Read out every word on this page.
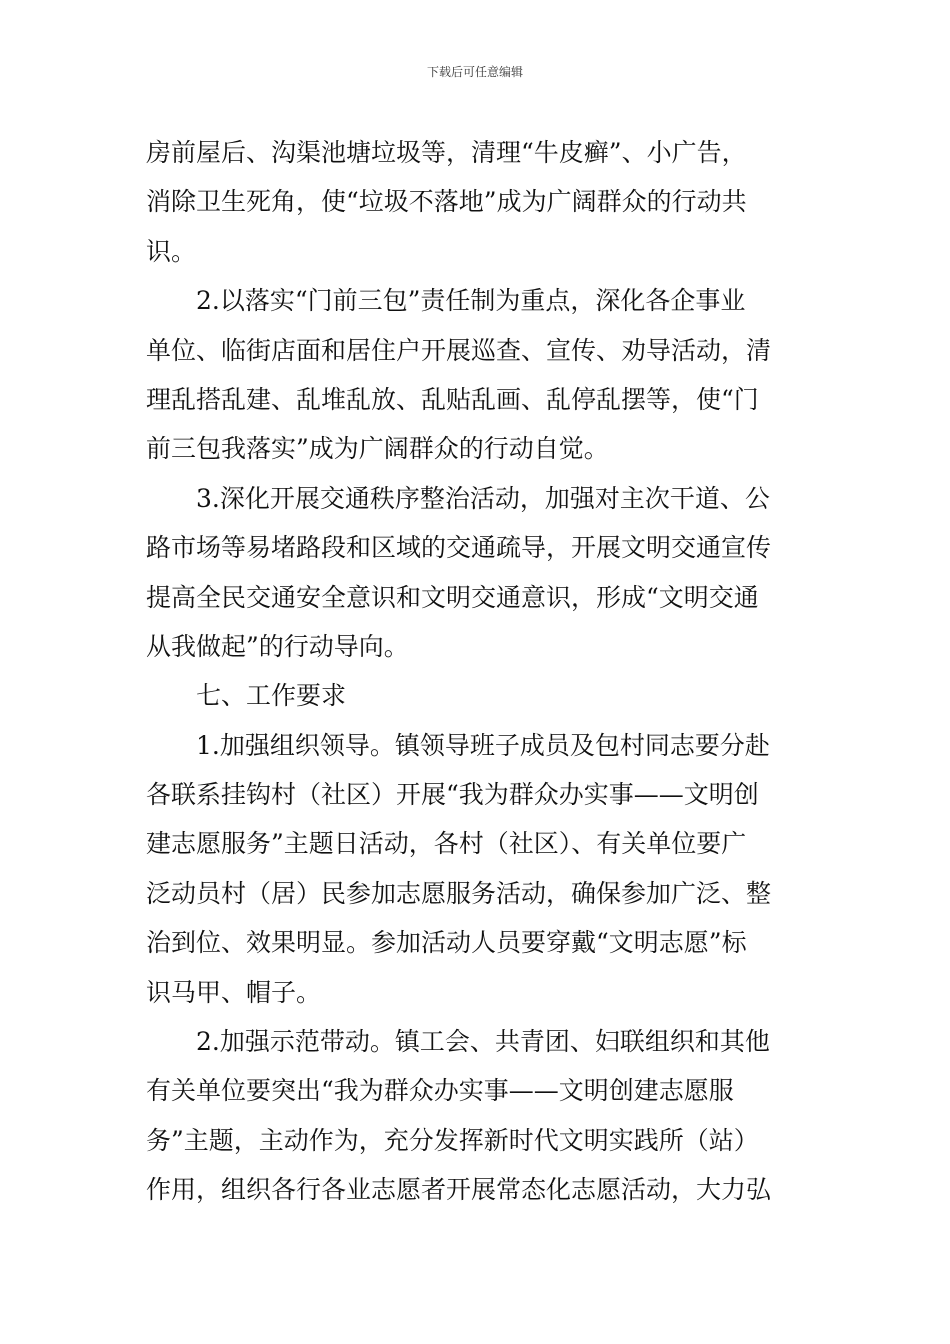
下载后可任意编辑
房前屋后、沟渠池塘垃圾等，清理“牛皮癣”、小广告，
消除卫生死角，使“垃圾不落地”成为广阔群众的行动共
识。
2.以落实“门前三包”责任制为重点，深化各企事业
单位、临街店面和居住户开展巡查、宣传、劝导活动，清
理乱搭乱建、乱堆乱放、乱贴乱画、乱停乱摆等，使“门
前三包我落实”成为广阔群众的行动自觉。
3.深化开展交通秩序整治活动，加强对主次干道、公
路市场等易堵路段和区域的交通疏导，开展文明交通宣传
提高全民交通安全意识和文明交通意识，形成“文明交通
从我做起”的行动导向。
七、工作要求
1.加强组织领导。镇领导班子成员及包村同志要分赴
各联系挂钩村（社区）开展“我为群众办实事——文明创
建志愿服务”主题日活动，各村（社区）、有关单位要广
泛动员村（居）民参加志愿服务活动，确保参加广泛、整
治到位、效果明显。参加活动人员要穿戴“文明志愿”标
识马甲、帽子。
2.加强示范带动。镇工会、共青团、妇联组织和其他
有关单位要突出“我为群众办实事——文明创建志愿服
务”主题，主动作为，充分发挥新时代文明实践所（站）
作用，组织各行各业志愿者开展常态化志愿活动，大力弘
